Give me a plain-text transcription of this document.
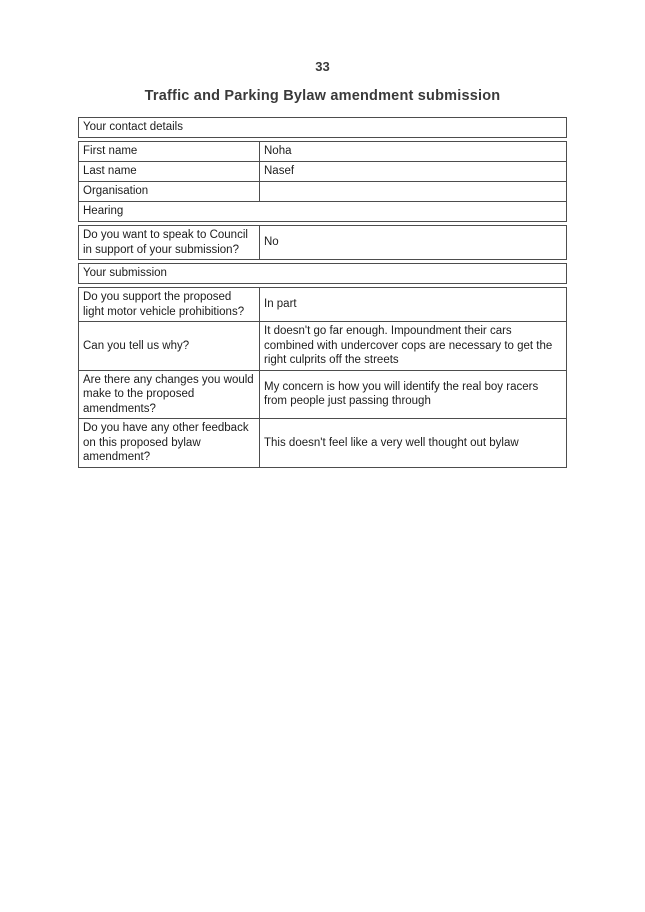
33
Traffic and Parking Bylaw amendment submission
Your contact details
First name	Noha
Last name	Nasef
Organisation
Hearing
Do you want to speak to Council in support of your submission?
No
Your submission
Do you support the proposed light motor vehicle prohibitions?
In part
Can you tell us why?
It doesn't go far enough. Impoundment their cars combined with undercover cops are necessary to get the right culprits off the streets
Are there any changes you would make to the proposed amendments?
My concern is how you will identify the real boy racers from people just passing through
Do you have any other feedback on this proposed bylaw amendment?
This doesn't feel like a very well thought out bylaw
